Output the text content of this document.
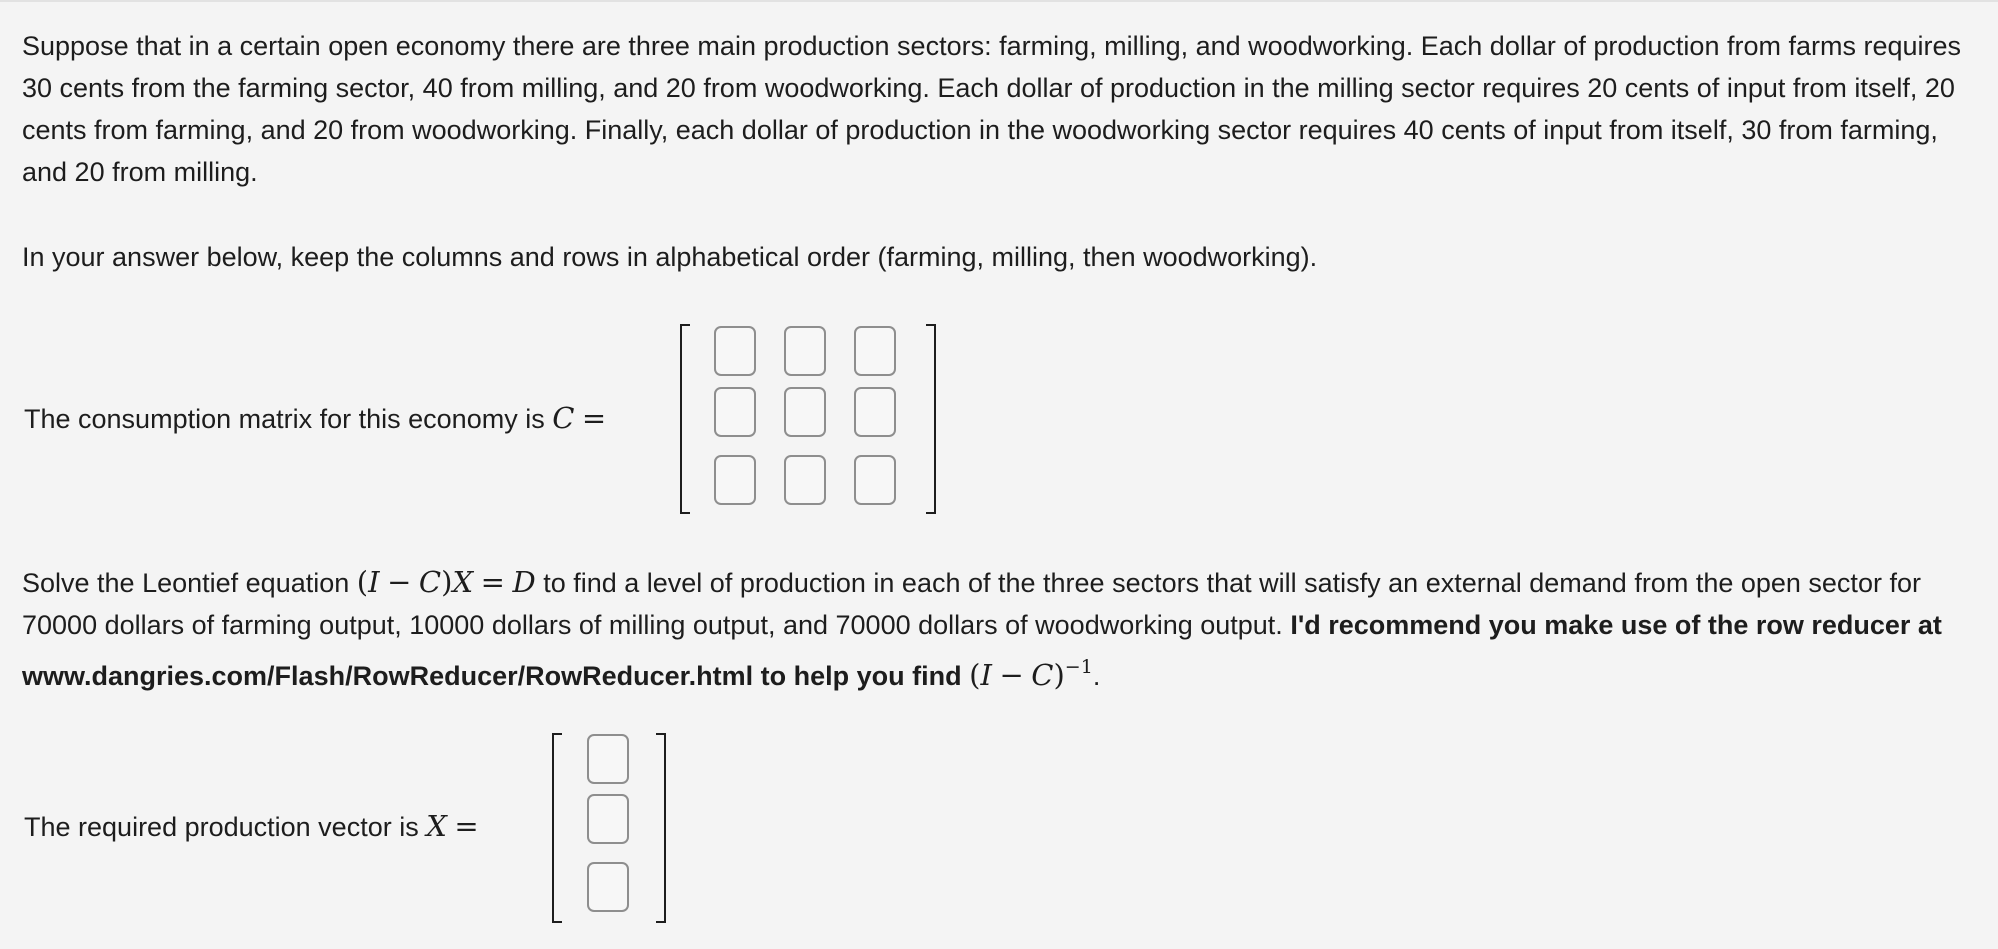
Suppose that in a certain open economy there are three main production sectors: farming, milling, and woodworking. Each dollar of production from farms requires 30 cents from the farming sector, 40 from milling, and 20 from woodworking. Each dollar of production in the milling sector requires 20 cents of input from itself, 20 cents from farming, and 20 from woodworking. Finally, each dollar of production in the woodworking sector requires 40 cents of input from itself, 30 from farming, and 20 from milling.

In your answer below, keep the columns and rows in alphabetical order (farming, milling, then woodworking).

The consumption matrix for this economy is C =

Solve the Leontief equation (I − C)X = D to find a level of production in each of the three sectors that will satisfy an external demand from the open sector for 70000 dollars of farming output, 10000 dollars of milling output, and 70000 dollars of woodworking output. I'd recommend you make use of the row reducer at www.dangries.com/Flash/RowReducer/RowReducer.html to help you find $(I - C)^{-1}$.

The required production vector is X =
